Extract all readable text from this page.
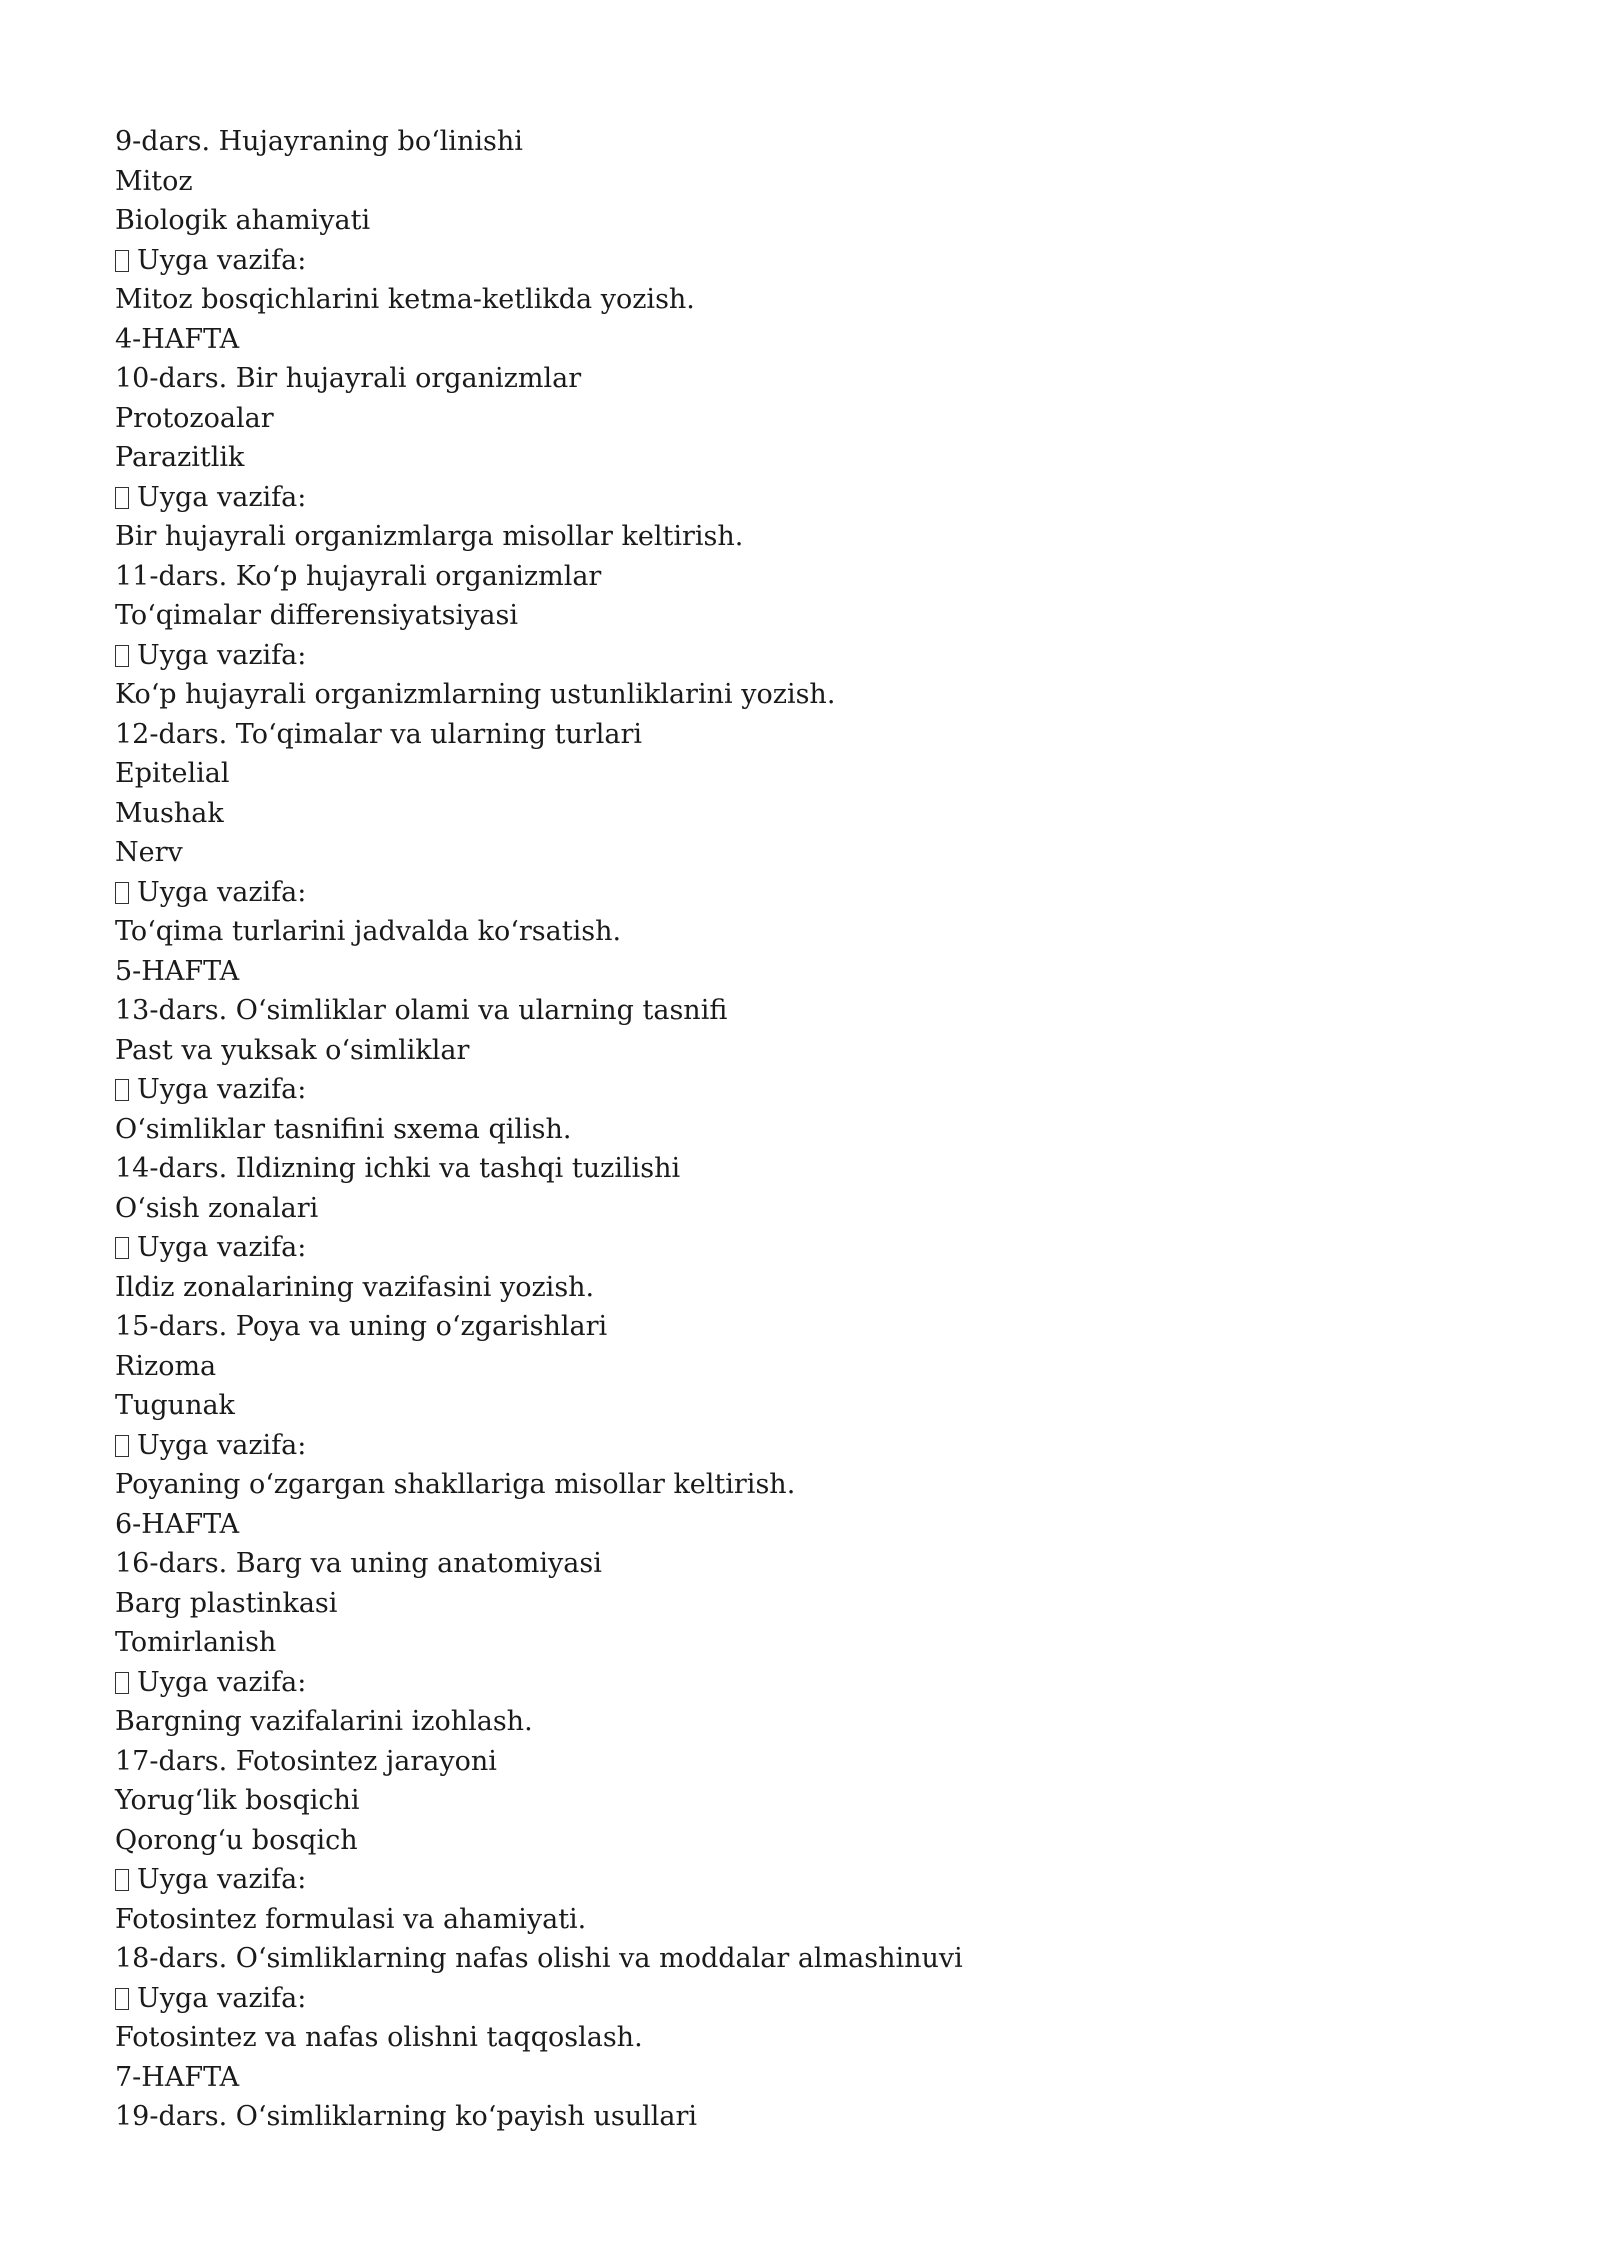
9-dars. Hujayraning boʻlinishi
Mitoz
Biologik ahamiyati
Uyga vazifa:
Mitoz bosqichlarini ketma-ketlikda yozish.
4-HAFTA
10-dars. Bir hujayrali organizmlar
Protozoalar
Parazitlik
Uyga vazifa:
Bir hujayrali organizmlarga misollar keltirish.
11-dars. Koʻp hujayrali organizmlar
Toʻqimalar differensiyatsiyasi
Uyga vazifa:
Koʻp hujayrali organizmlarning ustunliklarini yozish.
12-dars. Toʻqimalar va ularning turlari
Epitelial
Mushak
Nerv
Uyga vazifa:
Toʻqima turlarini jadvalda koʻrsatish.
5-HAFTA
13-dars. Oʻsimliklar olami va ularning tasnifi
Past va yuksak oʻsimliklar
Uyga vazifa:
Oʻsimliklar tasnifini sxema qilish.
14-dars. Ildizning ichki va tashqi tuzilishi
Oʻsish zonalari
Uyga vazifa:
Ildiz zonalarining vazifasini yozish.
15-dars. Poya va uning oʻzgarishlari
Rizoma
Tugunak
Uyga vazifa:
Poyaning oʻzgargan shakllariga misollar keltirish.
6-HAFTA
16-dars. Barg va uning anatomiyasi
Barg plastinkasi
Tomirlanish
Uyga vazifa:
Bargning vazifalarini izohlash.
17-dars. Fotosintez jarayoni
Yorugʻlik bosqichi
Qorongʻu bosqich
Uyga vazifa:
Fotosintez formulasi va ahamiyati.
18-dars. Oʻsimliklarning nafas olishi va moddalar almashinuvi
Uyga vazifa:
Fotosintez va nafas olishni taqqoslash.
7-HAFTA
19-dars. Oʻsimliklarning koʻpayish usullari
